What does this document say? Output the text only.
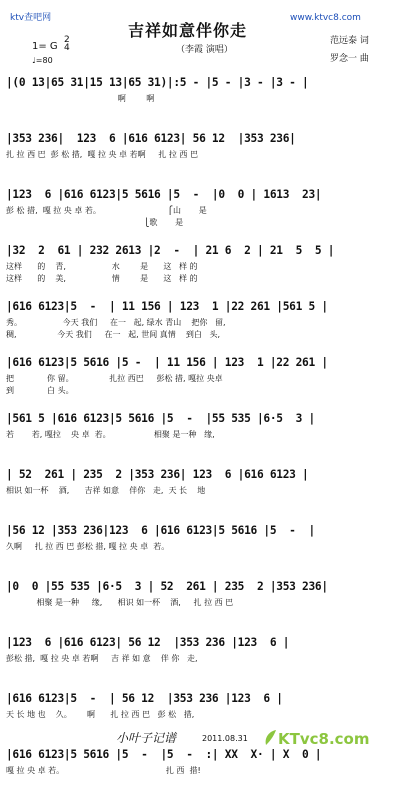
ktv查吧网	www.ktvc8.com
吉祥如意伴你走
（李霞 演唱）
1= G
2
4
♩=80
范远泰 词
罗念一 曲
|(0 13|65 31|15 13|65 31)|:5 - |5 - |3 - |3 - |
啊        啊
|353 236|  123  6 |616 6123| 56 12  |353 236|
扎 拉 西 巴  彭 松 措,  嘎 拉 央 卓 若啊     扎 拉 西 巴
|123  6 |616 6123|5 5616 |5  -  |0  0 | 1613  23|
彭 松 措,  嘎 拉 央 卓 若。                          ⎧山       是
⎩歌       是
|32  2  61 | 232 2613 |2  -  | 21 6  2 | 21  5  5 |
这样      的    青,                  水        是      这   样 的
这样      的    美,                  情        是      这   样 的
|616 6123|5  -  | 11 156 | 123  1 |22 261 |561 5 |
秀。                今天 我们     在一   起, 绿水 青山    把你   留,
稠,                今天 我们     在一   起, 世间 真情    到白   头,
|616 6123|5 5616 |5 -  | 11 156 | 123  1 |22 261 |
把             你 留。              扎拉 西巴     彭松 措, 嘎拉 央卓
到             白 头。
|561 5 |616 6123|5 5616 |5  -  |55 535 |6·5  3 |
若       若, 嘎拉    央 卓  若。                 相聚 是一种   缘,
| 52  261 | 235  2 |353 236| 123  6 |616 6123 |
相识 如一杯    酒,      吉祥 如意    伴你   走,  天 长    地
|56 12 |353 236|123  6 |616 6123|5 5616 |5  -  |
久啊     扎 拉 西 巴 彭松 措, 嘎 拉 央 卓  若。
|0  0 |55 535 |6·5  3 | 52  261 | 235  2 |353 236|
相聚 是一种     缘,      相识 如一杯    酒,     扎 拉 西 巴
|123  6 |616 6123| 56 12  |353 236 |123  6 |
彭松 措,  嘎 拉 央 卓 若啊     吉 祥 如 意    伴 你   走,
|616 6123|5  -  | 56 12  |353 236 |123  6 |
天 长 地 也    久。      啊      扎 拉 西 巴   彭 松   措,
|616 6123|5 5616 |5  -  |5  -  :| XX  X· | X  0 |
嘎 拉 央 卓 若。                                        扎 西  措!
小叶子记谱	2011.08.31 KTvc8.com
